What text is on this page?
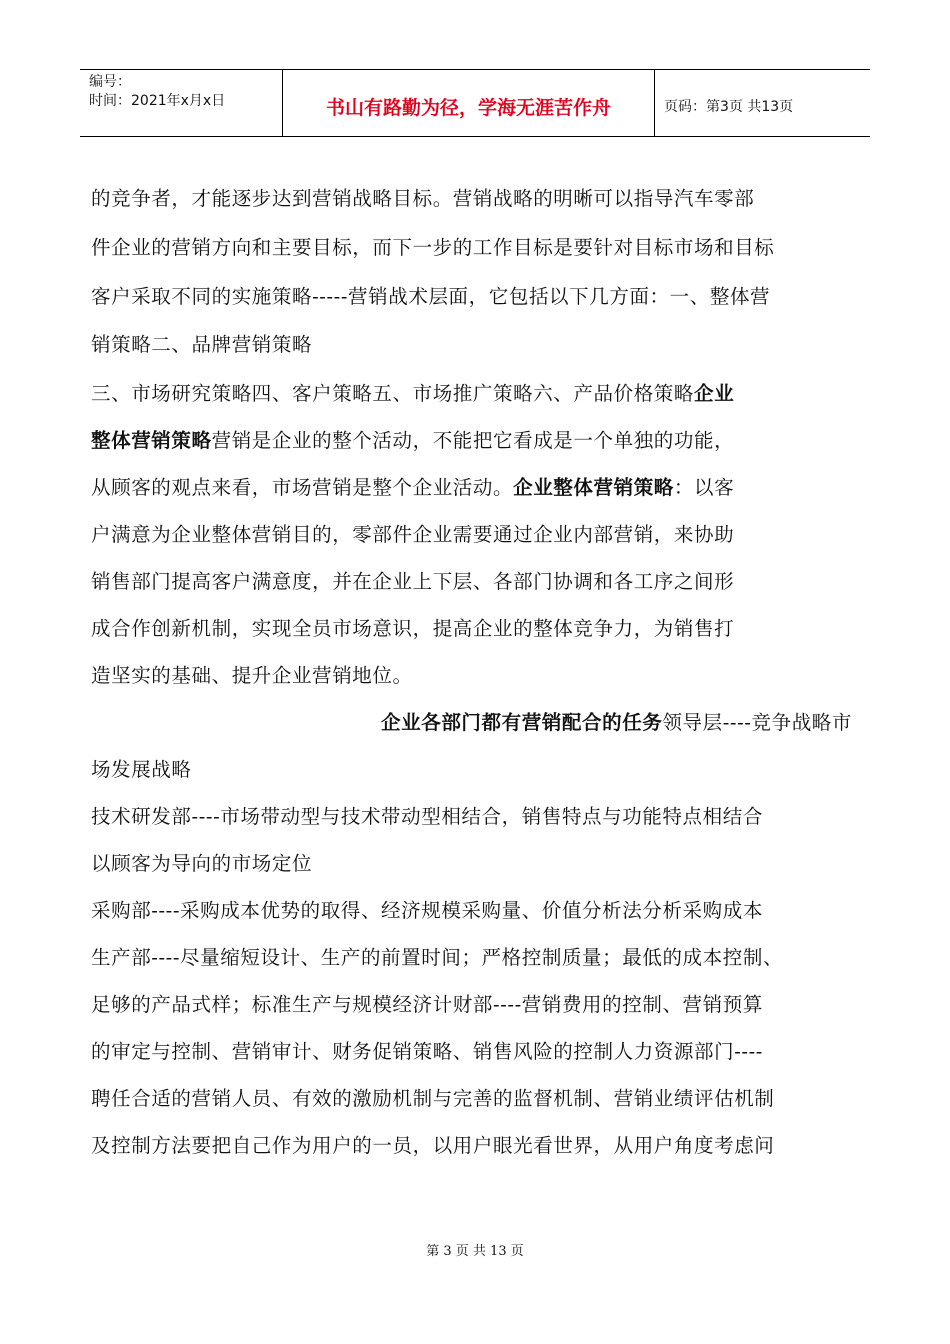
编号：
时间：2021年x月x日	书山有路勤为径，学海无涯苦作舟	页码：第3页 共13页
的竞争者，才能逐步达到营销战略目标。营销战略的明晰可以指导汽车零部
件企业的营销方向和主要目标，而下一步的工作目标是要针对目标市场和目标
客户采取不同的实施策略-----营销战术层面，它包括以下几方面：一、整体营
销策略二、品牌营销策略
三、市场研究策略四、客户策略五、市场推广策略六、产品价格策略企业
整体营销策略营销是企业的整个活动，不能把它看成是一个单独的功能，
从顾客的观点来看，市场营销是整个企业活动。企业整体营销策略：以客
户满意为企业整体营销目的，零部件企业需要通过企业内部营销，来协助
销售部门提高客户满意度，并在企业上下层、各部门协调和各工序之间形
成合作创新机制，实现全员市场意识，提高企业的整体竞争力，为销售打
造坚实的基础、提升企业营销地位。
企业各部门都有营销配合的任务领导层----竞争战略市
场发展战略
技术研发部----市场带动型与技术带动型相结合，销售特点与功能特点相结合
以顾客为导向的市场定位
采购部----采购成本优势的取得、经济规模采购量、价值分析法分析采购成本
生产部----尽量缩短设计、生产的前置时间；严格控制质量；最低的成本控制、
足够的产品式样；标准生产与规模经济计财部----营销费用的控制、营销预算
的审定与控制、营销审计、财务促销策略、销售风险的控制人力资源部门----
聘任合适的营销人员、有效的激励机制与完善的监督机制、营销业绩评估机制
及控制方法要把自己作为用户的一员，以用户眼光看世界，从用户角度考虑问
第 3 页 共 13 页
